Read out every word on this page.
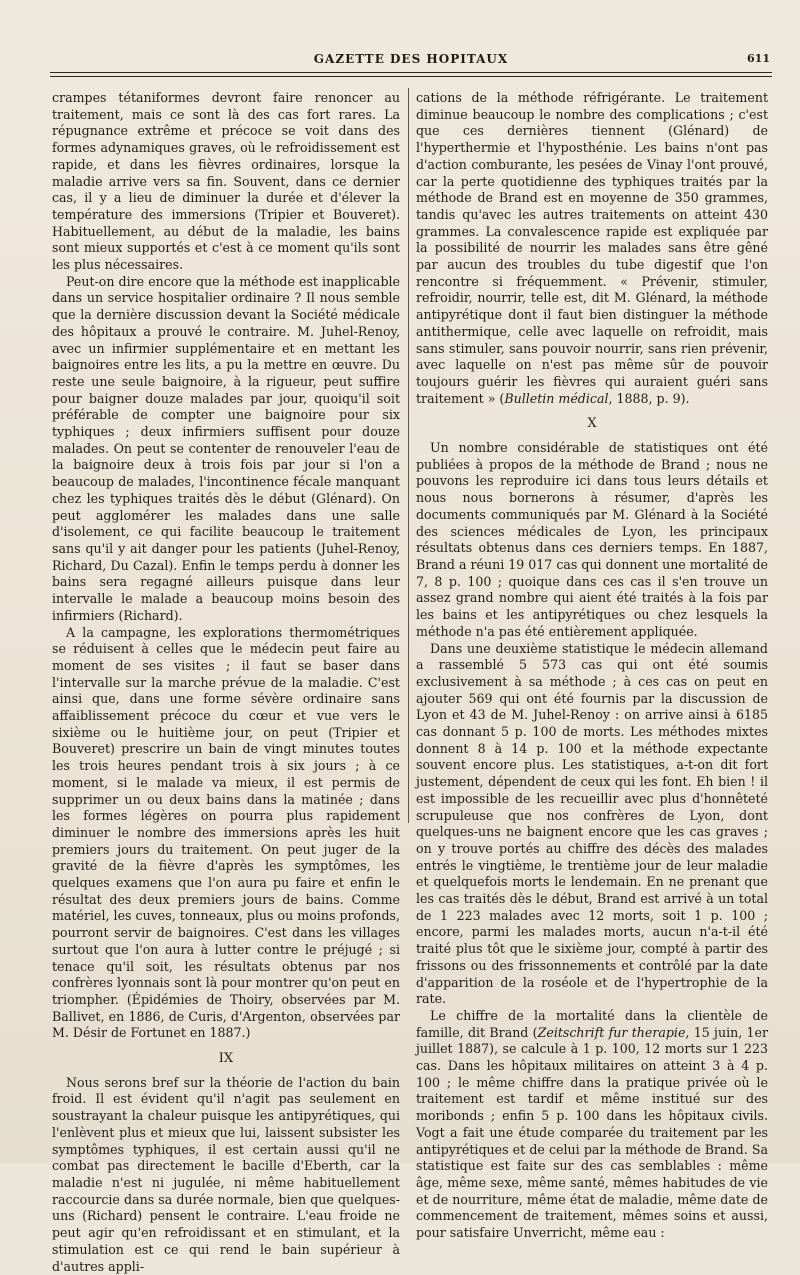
GAZETTE DES HOPITAUX	611

crampes tétaniformes devront faire renoncer au traitement, mais ce sont là des cas fort rares. La répugnance extrême et précoce se voit dans des formes adynamiques graves, où le refroidissement est rapide, et dans les fièvres ordinaires, lorsque la maladie arrive vers sa fin. Souvent, dans ce dernier cas, il y a lieu de diminuer la durée et d'élever la température des immersions (Tripier et Bouveret). Habituellement, au début de la maladie, les bains sont mieux supportés et c'est à ce moment qu'ils sont les plus nécessaires.

Peut-on dire encore que la méthode est inapplicable dans un service hospitalier ordinaire ? Il nous semble que la dernière discussion devant la Société médicale des hôpitaux a prouvé le contraire. M. Juhel-Renoy, avec un infirmier supplémentaire et en mettant les baignoires entre les lits, a pu la mettre en œuvre. Du reste une seule baignoire, à la rigueur, peut suffire pour baigner douze malades par jour, quoiqu'il soit préférable de compter une baignoire pour six typhiques ; deux infirmiers suffisent pour douze malades. On peut se contenter de renouveler l'eau de la baignoire deux à trois fois par jour si l'on a beaucoup de malades, l'incontinence fécale manquant chez les typhiques traités dès le début (Glénard). On peut agglomérer les malades dans une salle d'isolement, ce qui facilite beaucoup le traitement sans qu'il y ait danger pour les patients (Juhel-Renoy, Richard, Du Cazal). Enfin le temps perdu à donner les bains sera regagné ailleurs puisque dans leur intervalle le malade a beaucoup moins besoin des infirmiers (Richard).

A la campagne, les explorations thermométriques se réduisent à celles que le médecin peut faire au moment de ses visites ; il faut se baser dans l'intervalle sur la marche prévue de la maladie. C'est ainsi que, dans une forme sévère ordinaire sans affaiblissement précoce du cœur et vue vers le sixième ou le huitième jour, on peut (Tripier et Bouveret) prescrire un bain de vingt minutes toutes les trois heures pendant trois à six jours ; à ce moment, si le malade va mieux, il est permis de supprimer un ou deux bains dans la matinée ; dans les formes légères on pourra plus rapidement diminuer le nombre des immersions après les huit premiers jours du traitement. On peut juger de la gravité de la fièvre d'après les symptômes, les quelques examens que l'on aura pu faire et enfin le résultat des deux premiers jours de bains. Comme matériel, les cuves, tonneaux, plus ou moins profonds, pourront servir de baignoires. C'est dans les villages surtout que l'on aura à lutter contre le préjugé ; si tenace qu'il soit, les résultats obtenus par nos confrères lyonnais sont là pour montrer qu'on peut en triompher. (Épidémies de Thoiry, observées par M. Ballivet, en 1886, de Curis, d'Argenton, observées par M. Désir de Fortunet en 1887.)

IX

Nous serons bref sur la théorie de l'action du bain froid. Il est évident qu'il n'agit pas seulement en soustrayant la chaleur puisque les antipyrétiques, qui l'enlèvent plus et mieux que lui, laissent subsister les symptômes typhiques, il est certain aussi qu'il ne combat pas directement le bacille d'Eberth, car la maladie n'est ni jugulée, ni même habituellement raccourcie dans sa durée normale, bien que quelques-uns (Richard) pensent le contraire. L'eau froide ne peut agir qu'en refroidissant et en stimulant, et la stimulation est ce qui rend le bain supérieur à d'autres appli-

cations de la méthode réfrigérante. Le traitement diminue beaucoup le nombre des complications ; c'est que ces dernières tiennent (Glénard) de l'hyperthermie et l'hyposthénie. Les bains n'ont pas d'action comburante, les pesées de Vinay l'ont prouvé, car la perte quotidienne des typhiques traités par la méthode de Brand est en moyenne de 350 grammes, tandis qu'avec les autres traitements on atteint 430 grammes. La convalescence rapide est expliquée par la possibilité de nourrir les malades sans être gêné par aucun des troubles du tube digestif que l'on rencontre si fréquemment. « Prévenir, stimuler, refroidir, nourrir, telle est, dit M. Glénard, la méthode antipyrétique dont il faut bien distinguer la méthode antithermique, celle avec laquelle on refroidit, mais sans stimuler, sans pouvoir nourrir, sans rien prévenir, avec laquelle on n'est pas même sûr de pouvoir toujours guérir les fièvres qui auraient guéri sans traitement » (Bulletin médical, 1888, p. 9).

X

Un nombre considérable de statistiques ont été publiées à propos de la méthode de Brand ; nous ne pouvons les reproduire ici dans tous leurs détails et nous nous bornerons à résumer, d'après les documents communiqués par M. Glénard à la Société des sciences médicales de Lyon, les principaux résultats obtenus dans ces derniers temps. En 1887, Brand a réuni 19 017 cas qui donnent une mortalité de 7, 8 p. 100 ; quoique dans ces cas il s'en trouve un assez grand nombre qui aient été traités à la fois par les bains et les antipyrétiques ou chez lesquels la méthode n'a pas été entièrement appliquée.

Dans une deuxième statistique le médecin allemand a rassemblé 5 573 cas qui ont été soumis exclusivement à sa méthode ; à ces cas on peut en ajouter 569 qui ont été fournis par la discussion de Lyon et 43 de M. Juhel-Renoy : on arrive ainsi à 6185 cas donnant 5 p. 100 de morts. Les méthodes mixtes donnent 8 à 14 p. 100 et la méthode expectante souvent encore plus. Les statistiques, a-t-on dit fort justement, dépendent de ceux qui les font. Eh bien ! il est impossible de les recueillir avec plus d'honnêteté scrupuleuse que nos confrères de Lyon, dont quelques-uns ne baignent encore que les cas graves ; on y trouve portés au chiffre des décès des malades entrés le vingtième, le trentième jour de leur maladie et quelquefois morts le lendemain. En ne prenant que les cas traités dès le début, Brand est arrivé à un total de 1 223 malades avec 12 morts, soit 1 p. 100 ; encore, parmi les malades morts, aucun n'a-t-il été traité plus tôt que le sixième jour, compté à partir des frissons ou des frissonnements et contrôlé par la date d'apparition de la roséole et de l'hypertrophie de la rate.

Le chiffre de la mortalité dans la clientèle de famille, dit Brand (Zeitschrift fur therapie, 15 juin, 1er juillet 1887), se calcule à 1 p. 100, 12 morts sur 1 223 cas. Dans les hôpitaux militaires on atteint 3 à 4 p. 100 ; le même chiffre dans la pratique privée où le traitement est tardif et même institué sur des moribonds ; enfin 5 p. 100 dans les hôpitaux civils. Vogt a fait une étude comparée du traitement par les antipyrétiques et de celui par la méthode de Brand. Sa statistique est faite sur des cas semblables : même âge, même sexe, même santé, mêmes habitudes de vie et de nourriture, même état de maladie, même date de commencement de traitement, mêmes soins et aussi, pour satisfaire Unverricht, même eau :
